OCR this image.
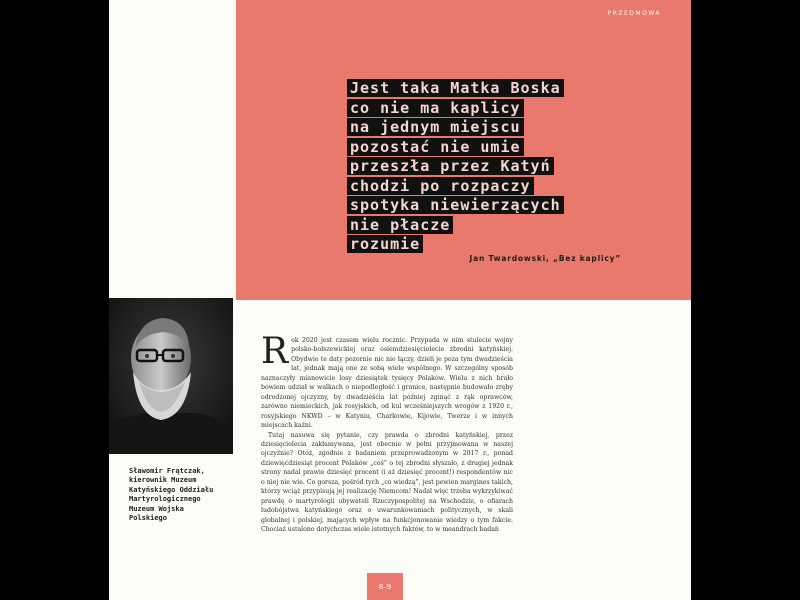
PRZEDMOWA
Jest taka Matka Boska
co nie ma kaplicy
na jednym miejscu
pozostać nie umie
przeszła przez Katyń
chodzi po rozpaczy
spotyka niewierzących
nie płacze
rozumie
Jan Twardowski, „Bez kaplicy”
Sławomir Frątczak,
kierownik Muzeum
Katyńskiego Oddziału
Martyrologicznego
Muzeum Wojska
Polskiego

Rok 2020 jest czasem wielu rocznic. Przypada w nim stulecie wojny polsko-bolszewickiej oraz osiemdziesięciolecie zbrodni katyńskiej. Obydwie te daty pozornie nic nie łączy, dzieli je poza tym dwadzieścia lat, jednak mają one ze sobą wiele wspólnego. W szczególny sposób naznaczyły mianowicie losy dziesiątek tysięcy Polaków. Wielu z nich brało bowiem udział w walkach o niepodległość i granice, następnie budowało zręby odrodzonej ojczyzny, by dwadzieścia lat później zginąć z rąk oprawców, zarówno niemieckich, jak rosyjskich, od kul wcześniejszych wrogów z 1920 r., rosyjskiego NKWD – w Katyniu, Charkowie, Kijowie, Twerze i w innych miejscach kaźni.

Tutaj nasuwa się pytanie, czy prawda o zbrodni katyńskiej, przez dziesięciolecia zakłamywana, jest obecnie w pełni przyjmowana w naszej ojczyźnie? Otóż, zgodnie z badaniem przeprowadzonym w 2017 r., ponad dziewięćdziesiąt procent Polaków „coś” o tej zbrodni słyszało, z drugiej jednak strony nadal prawie dziesięć procent (i aż dziesięć procent!) respondentów nic o niej nie wie. Co gorsza, pośród tych „co wiedzą”, jest pewien margines takich, którzy wciąż przypisują jej realizację Niemcom! Nadal więc trzeba wykrzykiwać prawdę o martyrologii obywateli Rzeczypospolitej na Wschodzie, o ofiarach ludobójstwa katyńskiego oraz o uwarunkowaniach politycznych, w skali globalnej i polskiej, mających wpływ na funkcjonowanie wiedzy o tym fakcie. Chociaż ustalono dotychczas wiele istotnych faktów, to w meandrach badań

8–9
